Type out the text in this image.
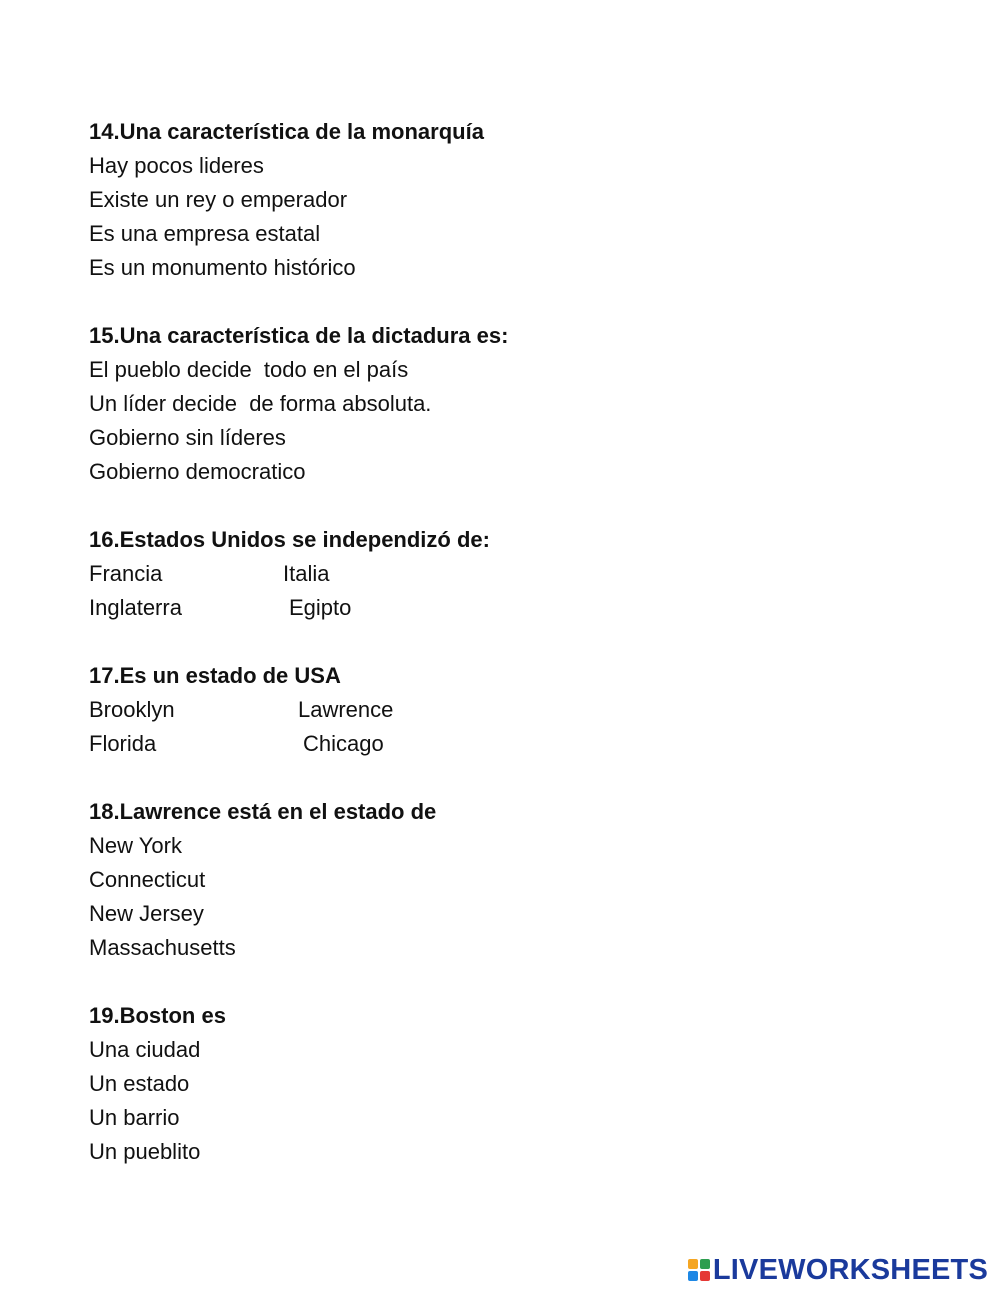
14.Una característica de la monarquía
Hay pocos lideres
Existe un rey o emperador
Es una empresa estatal
Es un monumento histórico
15.Una característica de la dictadura es:
El pueblo decide  todo en el país
Un líder decide  de forma absoluta.
Gobierno sin líderes
Gobierno democratico
16.Estados Unidos se independizó de:
Francia	Italia
Inglaterra	Egipto
17.Es un estado de USA
Brooklyn	Lawrence
Florida	Chicago
18.Lawrence está en el estado de
New York
Connecticut
New Jersey
Massachusetts
19.Boston es
Una ciudad
Un estado
Un barrio
Un pueblito
LIVEWORKSHEETS
